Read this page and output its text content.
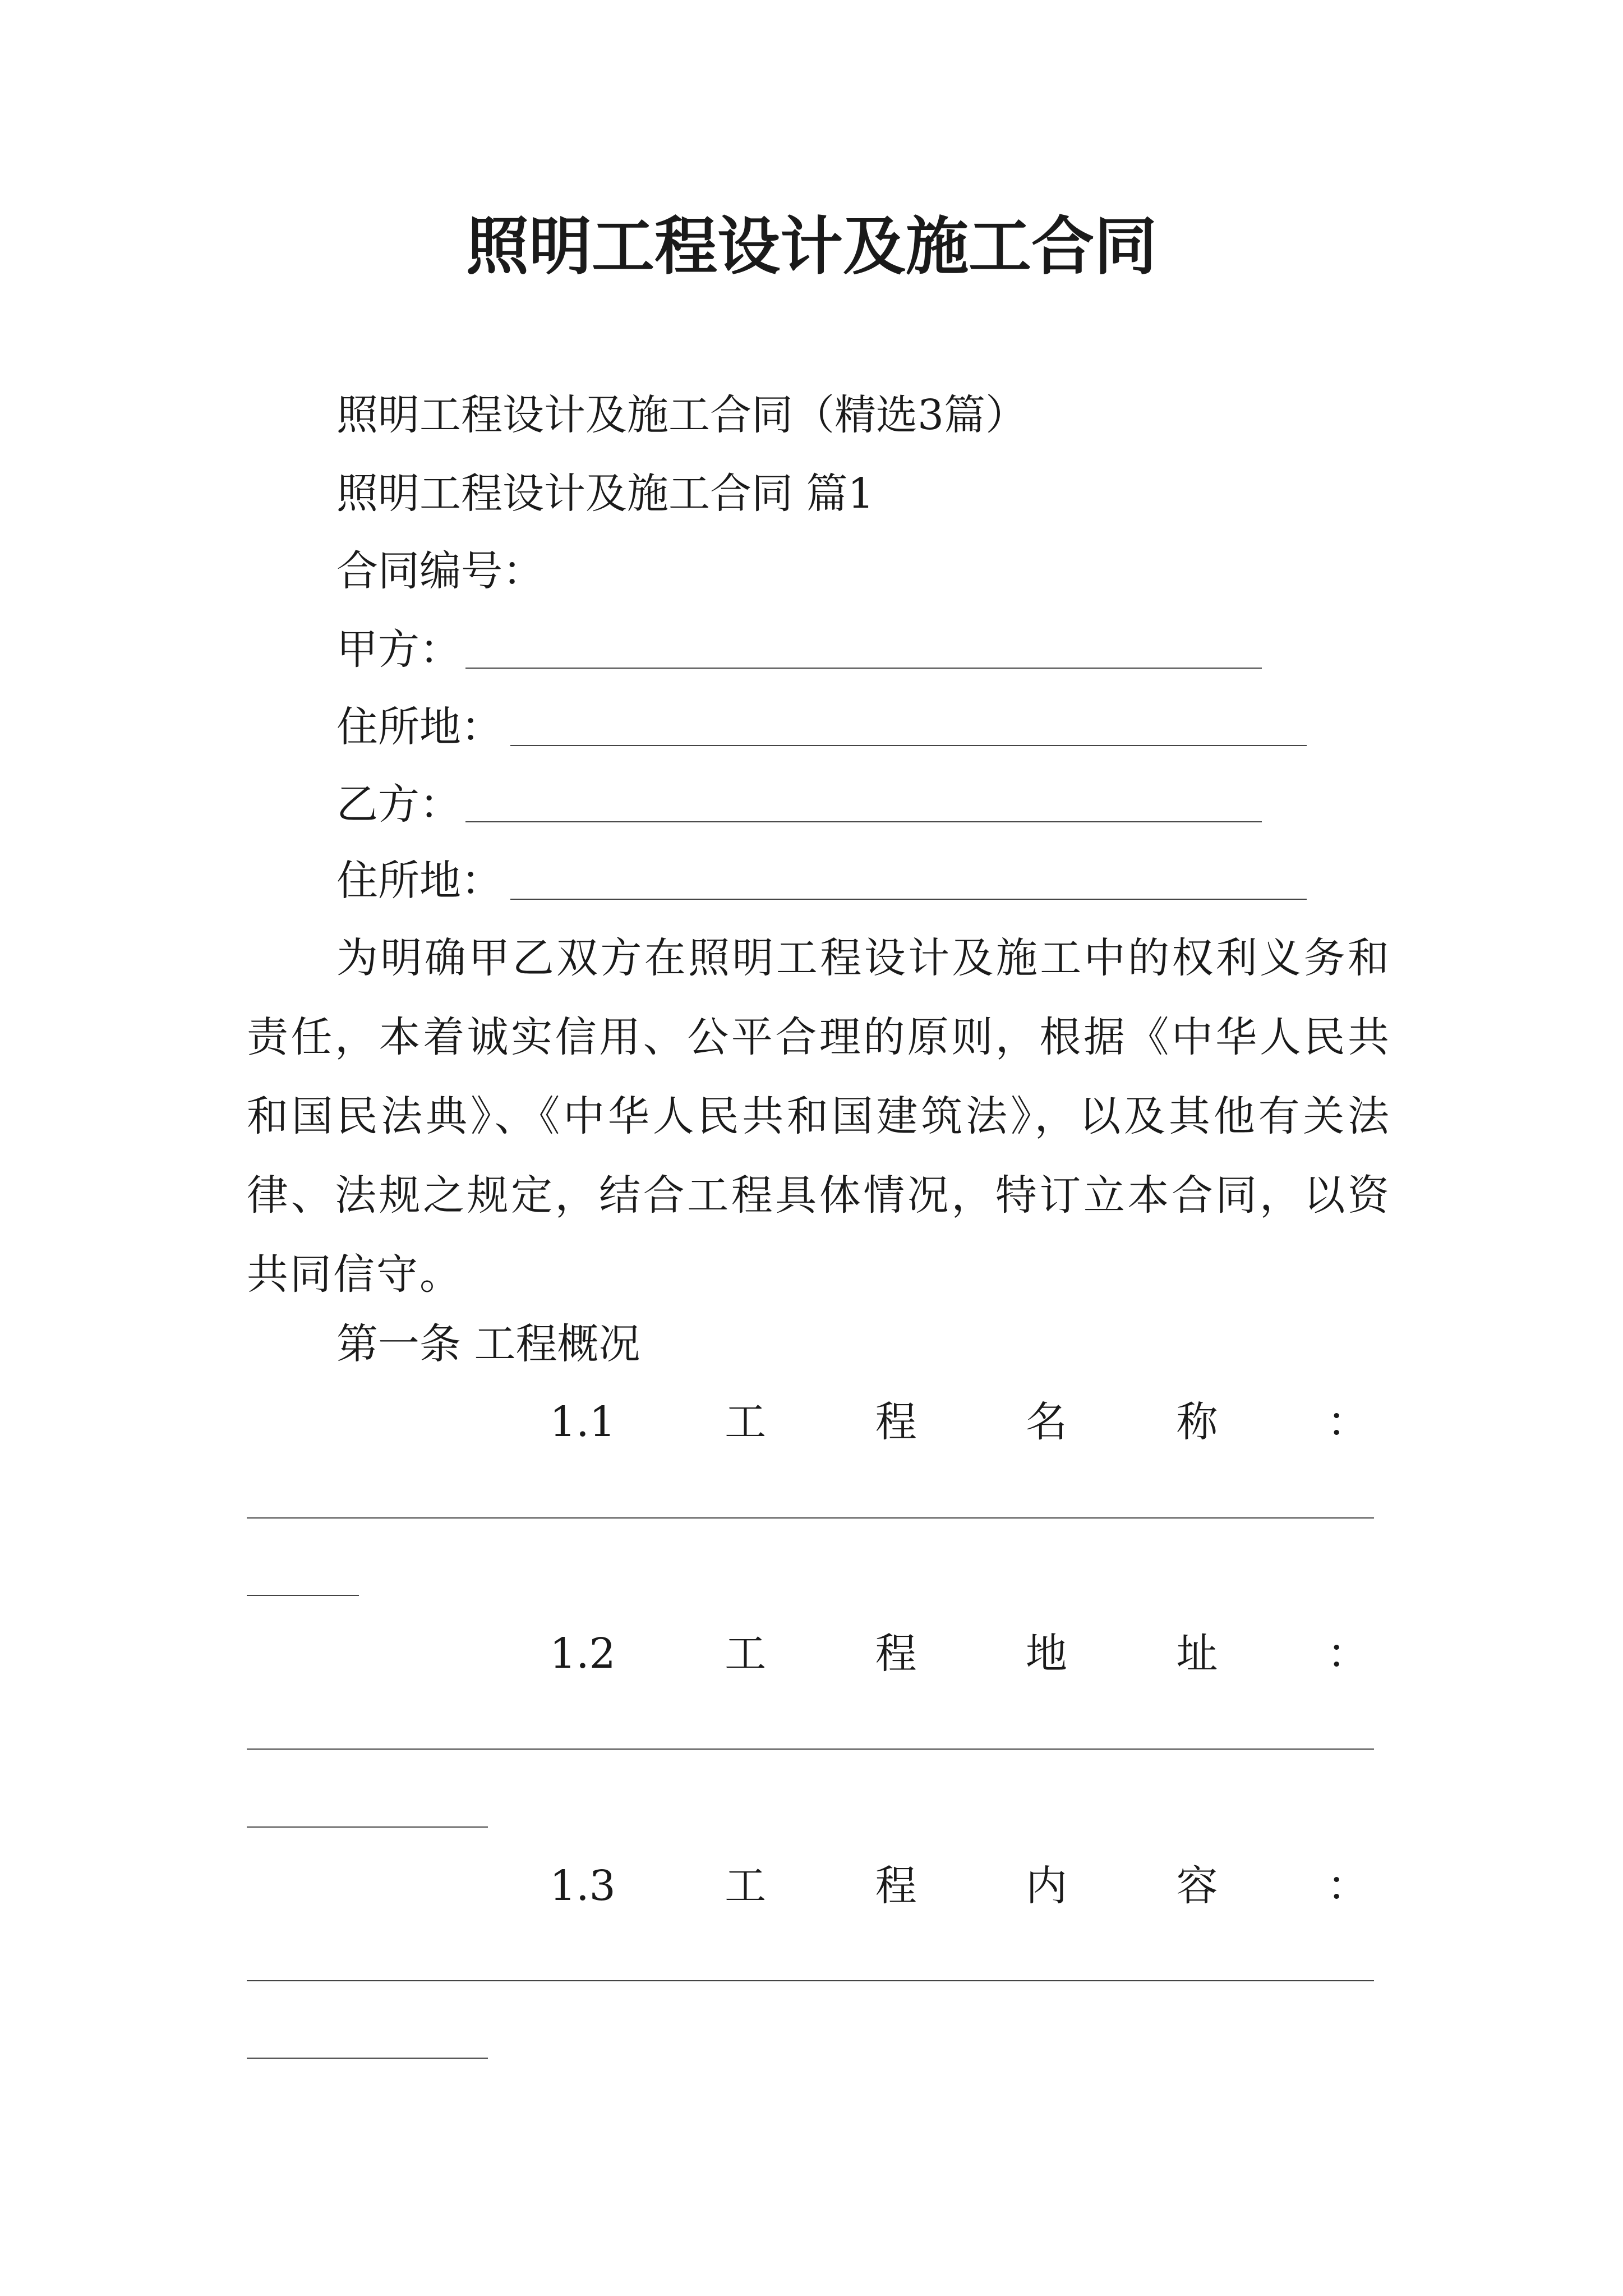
照明工程设计及施工合同
照明工程设计及施工合同（精选3篇）
照明工程设计及施工合同 篇1
合同编号：
甲方：
住所地：
乙方：
住所地：
为明确甲乙双方在照明工程设计及施工中的权利义务和责任，本着诚实信用、公平合理的原则，根据《中华人民共和国民法典》、《中华人民共和国建筑法》，以及其他有关法律、法规之规定，结合工程具体情况，特订立本合同，以资共同信守。
第一条 工程概况
1.1	工	程	名	称	：
1.2	工	程	地	址	：
1.3	工	程	内	容	：
